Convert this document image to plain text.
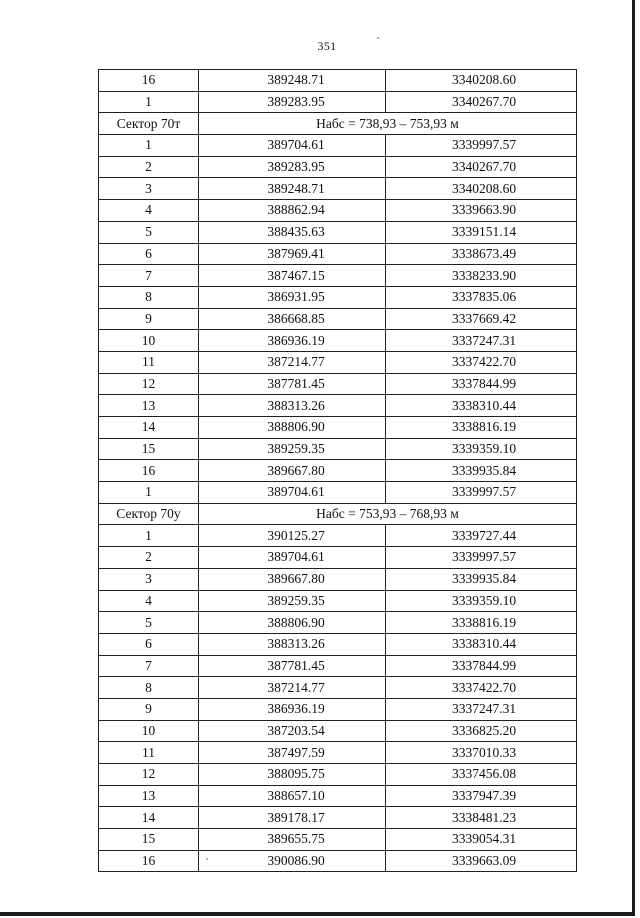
351
16	389248.71	3340208.60
1	389283.95	3340267.70
Сектор 70т	Набс = 738,93 – 753,93 м	
1	389704.61	3339997.57
2	389283.95	3340267.70
3	389248.71	3340208.60
4	388862.94	3339663.90
5	388435.63	3339151.14
6	387969.41	3338673.49
7	387467.15	3338233.90
8	386931.95	3337835.06
9	386668.85	3337669.42
10	386936.19	3337247.31
11	387214.77	3337422.70
12	387781.45	3337844.99
13	388313.26	3338310.44
14	388806.90	3338816.19
15	389259.35	3339359.10
16	389667.80	3339935.84
1	389704.61	3339997.57
Сектор 70у	Набс = 753,93 – 768,93 м	
1	390125.27	3339727.44
2	389704.61	3339997.57
3	389667.80	3339935.84
4	389259.35	3339359.10
5	388806.90	3338816.19
6	388313.26	3338310.44
7	387781.45	3337844.99
8	387214.77	3337422.70
9	386936.19	3337247.31
10	387203.54	3336825.20
11	387497.59	3337010.33
12	388095.75	3337456.08
13	388657.10	3337947.39
14	389178.17	3338481.23
15	389655.75	3339054.31
16	390086.90	3339663.09
